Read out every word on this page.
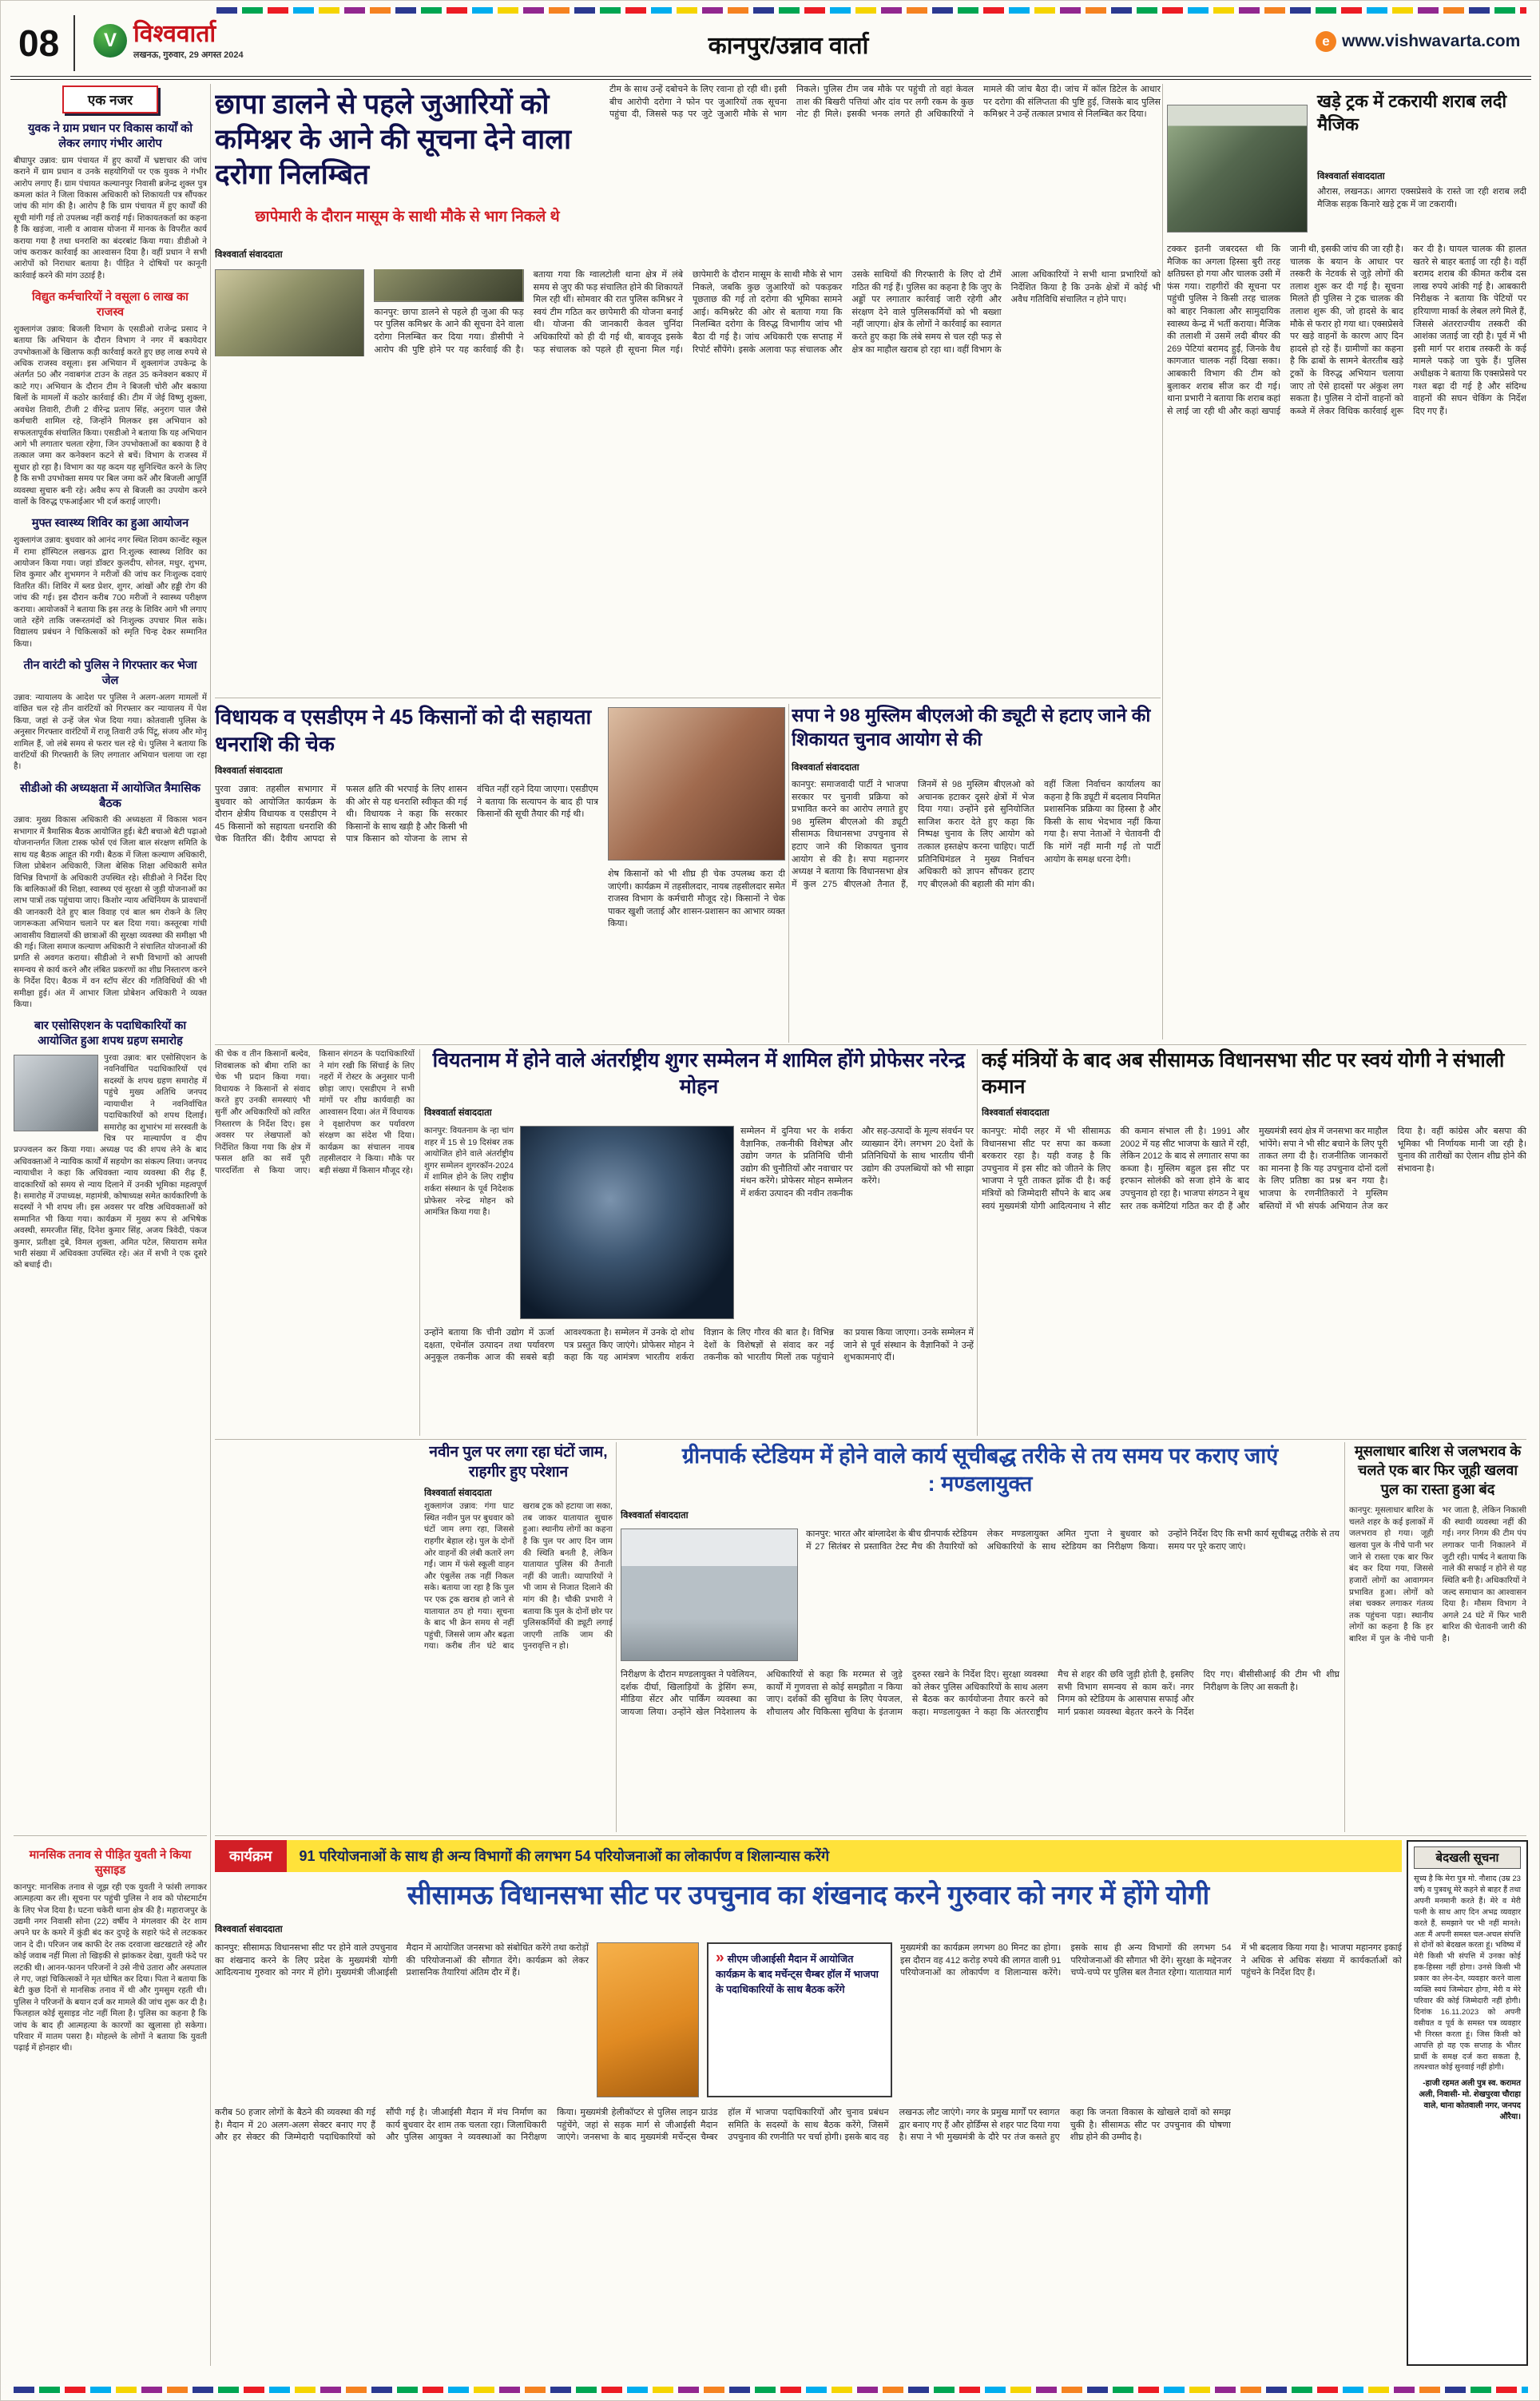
08	V विश्ववार्ता
लखनऊ, गुरुवार, 29 अगस्त 2024	कानपुर/उन्नाव वार्ता	e www.vishwavarta.com
एक नजर
युवक ने ग्राम प्रधान पर विकास कार्यों को लेकर लगाए गंभीर आरोप
बीघापुर उन्नाव: ग्राम पंचायत में हुए कार्यों में भ्रष्टाचार की जांच कराने में ग्राम प्रधान व उनके सहयोगियों पर एक युवक ने गंभीर आरोप लगाए हैं। ग्राम पंचायत कल्यानपुर निवासी ब्रजेन्द्र शुक्ल पुत्र कमला कांत ने जिला विकास अधिकारी को शिकायती पत्र सौंपकर जांच की मांग की है। आरोप है कि ग्राम पंचायत में हुए कार्यों की सूची मांगी गई तो उपलब्ध नहीं कराई गई। शिकायतकर्ता का कहना है कि खड़ंजा, नाली व आवास योजना में मानक के विपरीत कार्य कराया गया है तथा धनराशि का बंदरबांट किया गया। डीडीओ ने जांच कराकर कार्रवाई का आश्वासन दिया है। वहीं प्रधान ने सभी आरोपों को निराधार बताया है। पीड़ित ने दोषियों पर कानूनी कार्रवाई करने की मांग उठाई है।
विद्युत कर्मचारियों ने वसूला 6 लाख का राजस्व
शुक्लागंज उन्नाव: बिजली विभाग के एसडीओ राजेन्द्र प्रसाद ने बताया कि अभियान के दौरान विभाग ने नगर में बकायेदार उपभोक्ताओं के खिलाफ कड़ी कार्रवाई करते हुए छह लाख रुपये से अधिक राजस्व वसूला। इस अभियान में शुक्लागंज उपकेन्द्र के अंतर्गत 50 और नवाबगंज टाउन के तहत 35 कनेक्शन बकाए में काटे गए। अभियान के दौरान टीम ने बिजली चोरी और बकाया बिलों के मामलों में कठोर कार्रवाई की। टीम में जेई विष्णु शुक्ला, अवधेश तिवारी, टीजी 2 वीरेन्द्र प्रताप सिंह, अनुराग पाल जैसे कर्मचारी शामिल रहे, जिन्होंने मिलकर इस अभियान को सफलतापूर्वक संचालित किया। एसडीओ ने बताया कि यह अभियान आगे भी लगातार चलता रहेगा, जिन उपभोक्ताओं का बकाया है वे तत्काल जमा कर कनेक्शन कटने से बचें। विभाग के राजस्व में सुधार हो रहा है। विभाग का यह कदम यह सुनिश्चित करने के लिए है कि सभी उपभोक्ता समय पर बिल जमा करें और बिजली आपूर्ति व्यवस्था सुचारु बनी रहे। अवैध रूप से बिजली का उपयोग करने वालों के विरुद्ध एफआईआर भी दर्ज कराई जाएगी।
मुफ्त स्वास्थ्य शिविर का हुआ आयोजन
शुक्लागंज उन्नाव: बुधवार को आनंद नगर स्थित शिवम कान्वेंट स्कूल में रामा हॉस्पिटल लखनऊ द्वारा नि:शुल्क स्वास्थ्य शिविर का आयोजन किया गया। जहां डॉक्टर कुलदीप, सोनल, मधुर, शुभम, शिव कुमार और शुभमगन ने मरीजों की जांच कर निःशुल्क दवाएं वितरित कीं। शिविर में ब्लड प्रेशर, शुगर, आंखों और हड्डी रोग की जांच की गई। इस दौरान करीब 700 मरीजों ने स्वास्थ्य परीक्षण कराया। आयोजकों ने बताया कि इस तरह के शिविर आगे भी लगाए जाते रहेंगे ताकि जरूरतमंदों को निःशुल्क उपचार मिल सके। विद्यालय प्रबंधन ने चिकित्सकों को स्मृति चिन्ह देकर सम्मानित किया।
तीन वारंटी को पुलिस ने गिरफ्तार कर भेजा जेल
उन्नाव: न्यायालय के आदेश पर पुलिस ने अलग-अलग मामलों में वांछित चल रहे तीन वारंटियों को गिरफ्तार कर न्यायालय में पेश किया, जहां से उन्हें जेल भेज दिया गया। कोतवाली पुलिस के अनुसार गिरफ्तार वारंटियों में राजू तिवारी उर्फ पिंटू, संजय और मोनू शामिल हैं, जो लंबे समय से फरार चल रहे थे। पुलिस ने बताया कि वारंटियों की गिरफ्तारी के लिए लगातार अभियान चलाया जा रहा है।
सीडीओ की अध्यक्षता में आयोजित त्रैमासिक बैठक
उन्नाव: मुख्य विकास अधिकारी की अध्यक्षता में विकास भवन सभागार में त्रैमासिक बैठक आयोजित हुई। बेटी बचाओ बेटी पढ़ाओ योजनान्तर्गत जिला टास्क फोर्स एवं जिला बाल संरक्षण समिति के साथ यह बैठक आहूत की गयी। बैठक में जिला कल्याण अधिकारी, जिला प्रोबेशन अधिकारी, जिला बेसिक शिक्षा अधिकारी समेत विभिन्न विभागों के अधिकारी उपस्थित रहे। सीडीओ ने निर्देश दिए कि बालिकाओं की शिक्षा, स्वास्थ्य एवं सुरक्षा से जुड़ी योजनाओं का लाभ पात्रों तक पहुंचाया जाए। किशोर न्याय अधिनियम के प्रावधानों की जानकारी देते हुए बाल विवाह एवं बाल श्रम रोकने के लिए जागरूकता अभियान चलाने पर बल दिया गया। कस्तूरबा गांधी आवासीय विद्यालयों की छात्राओं की सुरक्षा व्यवस्था की समीक्षा भी की गई। जिला समाज कल्याण अधिकारी ने संचालित योजनाओं की प्रगति से अवगत कराया। सीडीओ ने सभी विभागों को आपसी समन्वय से कार्य करने और लंबित प्रकरणों का शीघ्र निस्तारण करने के निर्देश दिए। बैठक में वन स्टॉप सेंटर की गतिविधियों की भी समीक्षा हुई। अंत में आभार जिला प्रोबेशन अधिकारी ने व्यक्त किया।
बार एसोसिएशन के पदाधिकारियों का आयोजित हुआ शपथ ग्रहण समारोह
पुरवा उन्नाव: बार एसोसिएशन के नवनिर्वाचित पदाधिकारियों एवं सदस्यों के शपथ ग्रहण समारोह में पहुंचे मुख्य अतिथि जनपद न्यायाधीश ने नवनिर्वाचित पदाधिकारियों को शपथ दिलाई। समारोह का शुभारंभ मां सरस्वती के चित्र पर माल्यार्पण व दीप प्रज्ज्वलन कर किया गया। अध्यक्ष पद की शपथ लेने के बाद अधिवक्ताओं ने न्यायिक कार्यों में सहयोग का संकल्प लिया। जनपद न्यायाधीश ने कहा कि अधिवक्ता न्याय व्यवस्था की रीढ़ हैं, वादकारियों को समय से न्याय दिलाने में उनकी भूमिका महत्वपूर्ण है। समारोह में उपाध्यक्ष, महामंत्री, कोषाध्यक्ष समेत कार्यकारिणी के सदस्यों ने भी शपथ ली। इस अवसर पर वरिष्ठ अधिवक्ताओं को सम्मानित भी किया गया। कार्यक्रम में मुख्य रूप से अभिषेक अवस्थी, समरजीत सिंह, दिनेश कुमार सिंह, अजय त्रिवेदी, पंकज कुमार, प्रतीक्षा दुबे, विमल शुक्ला, अमित पटेल, सियाराम समेत भारी संख्या में अधिवक्ता उपस्थित रहे। अंत में सभी ने एक दूसरे को बधाई दी।
मानसिक तनाव से पीड़ित युवती ने किया सुसाइड
कानपुर: मानसिक तनाव से जूझ रही एक युवती ने फांसी लगाकर आत्महत्या कर ली। सूचना पर पहुंची पुलिस ने शव को पोस्टमार्टम के लिए भेज दिया है। घटना चकेरी थाना क्षेत्र की है। महाराजपुर के उद्यमी नगर निवासी सोना (22) वर्षीय ने मंगलवार की देर शाम अपने घर के कमरे में कुंडी बंद कर दुपट्टे के सहारे फंदे से लटककर जान दे दी। परिजन जब काफी देर तक दरवाजा खटखटाते रहे और कोई जवाब नहीं मिला तो खिड़की से झांककर देखा, युवती फंदे पर लटकी थी। आनन-फानन परिजनों ने उसे नीचे उतारा और अस्पताल ले गए, जहां चिकित्सकों ने मृत घोषित कर दिया। पिता ने बताया कि बेटी कुछ दिनों से मानसिक तनाव में थी और गुमसुम रहती थी। पुलिस ने परिजनों के बयान दर्ज कर मामले की जांच शुरू कर दी है। फिलहाल कोई सुसाइड नोट नहीं मिला है। पुलिस का कहना है कि जांच के बाद ही आत्महत्या के कारणों का खुलासा हो सकेगा। परिवार में मातम पसरा है। मोहल्ले के लोगों ने बताया कि युवती पढ़ाई में होनहार थी।
छापा डालने से पहले जुआरियों को कमिश्नर के आने की सूचना देने वाला दरोगा निलम्बित
छापेमारी के दौरान मासूम के साथी मौके से भाग निकले थे
विश्ववार्ता संवाददाता
टीम के साथ उन्हें दबोचने के लिए रवाना हो रही थी। इसी बीच आरोपी दरोगा ने फोन पर जुआरियों तक सूचना पहुंचा दी, जिससे फड़ पर जुटे जुआरी मौके से भाग निकले। पुलिस टीम जब मौके पर पहुंची तो वहां केवल ताश की बिखरी पत्तियां और दांव पर लगी रकम के कुछ नोट ही मिले। इसकी भनक लगते ही अधिकारियों ने मामले की जांच बैठा दी। जांच में कॉल डिटेल के आधार पर दरोगा की संलिप्तता की पुष्टि हुई, जिसके बाद पुलिस कमिश्नर ने उन्हें तत्काल प्रभाव से निलम्बित कर दिया।
कानपुर: छापा डालने से पहले ही जुआ की फड़ पर पुलिस कमिश्नर के आने की सूचना देने वाला दरोगा निलम्बित कर दिया गया। डीसीपी ने आरोप की पुष्टि होने पर यह कार्रवाई की है। बताया गया कि ग्वालटोली थाना क्षेत्र में लंबे समय से जुए की फड़ संचालित होने की शिकायतें मिल रही थीं। सोमवार की रात पुलिस कमिश्नर ने स्वयं टीम गठित कर छापेमारी की योजना बनाई थी। योजना की जानकारी केवल चुनिंदा अधिकारियों को ही दी गई थी, बावजूद इसके फड़ संचालक को पहले ही सूचना मिल गई। छापेमारी के दौरान मासूम के साथी मौके से भाग निकले, जबकि कुछ जुआरियों को पकड़कर पूछताछ की गई तो दरोगा की भूमिका सामने आई। कमिश्नरेट की ओर से बताया गया कि निलम्बित दरोगा के विरुद्ध विभागीय जांच भी बैठा दी गई है। जांच अधिकारी एक सप्ताह में रिपोर्ट सौंपेंगे। इसके अलावा फड़ संचालक और उसके साथियों की गिरफ्तारी के लिए दो टीमें गठित की गई हैं। पुलिस का कहना है कि जुए के अड्डों पर लगातार कार्रवाई जारी रहेगी और संरक्षण देने वाले पुलिसकर्मियों को भी बख्शा नहीं जाएगा। क्षेत्र के लोगों ने कार्रवाई का स्वागत करते हुए कहा कि लंबे समय से चल रही फड़ से क्षेत्र का माहौल खराब हो रहा था। वहीं विभाग के आला अधिकारियों ने सभी थाना प्रभारियों को निर्देशित किया है कि उनके क्षेत्रों में कोई भी अवैध गतिविधि संचालित न होने पाए।
खड़े ट्रक में टकरायी शराब लदी मैजिक
विश्ववार्ता संवाददाता
औरास, लखनऊ। आगरा एक्सप्रेसवे के रास्ते जा रही शराब लदी मैजिक सड़क किनारे खड़े ट्रक में जा टकरायी।
टक्कर इतनी जबरदस्त थी कि मैजिक का अगला हिस्सा बुरी तरह क्षतिग्रस्त हो गया और चालक उसी में फंस गया। राहगीरों की सूचना पर पहुंची पुलिस ने किसी तरह चालक को बाहर निकाला और सामुदायिक स्वास्थ्य केन्द्र में भर्ती कराया। मैजिक की तलाशी में उसमें लदी बीयर की 269 पेटियां बरामद हुईं, जिनके वैध कागजात चालक नहीं दिखा सका। आबकारी विभाग की टीम को बुलाकर शराब सीज कर दी गई। थाना प्रभारी ने बताया कि शराब कहां से लाई जा रही थी और कहां खपाई जानी थी, इसकी जांच की जा रही है। चालक के बयान के आधार पर तस्करी के नेटवर्क से जुड़े लोगों की तलाश शुरू कर दी गई है। सूचना मिलते ही पुलिस ने ट्रक चालक की तलाश शुरू की, जो हादसे के बाद मौके से फरार हो गया था। एक्सप्रेसवे पर खड़े वाहनों के कारण आए दिन हादसे हो रहे हैं। ग्रामीणों का कहना है कि ढाबों के सामने बेतरतीब खड़े ट्रकों के विरुद्ध अभियान चलाया जाए तो ऐसे हादसों पर अंकुश लग सकता है। पुलिस ने दोनों वाहनों को कब्जे में लेकर विधिक कार्रवाई शुरू कर दी है। घायल चालक की हालत खतरे से बाहर बताई जा रही है। वहीं बरामद शराब की कीमत करीब दस लाख रुपये आंकी गई है। आबकारी निरीक्षक ने बताया कि पेटियों पर हरियाणा मार्का के लेबल लगे मिले हैं, जिससे अंतरराज्यीय तस्करी की आशंका जताई जा रही है। पूर्व में भी इसी मार्ग पर शराब तस्करी के कई मामले पकड़े जा चुके हैं। पुलिस अधीक्षक ने बताया कि एक्सप्रेसवे पर गश्त बढ़ा दी गई है और संदिग्ध वाहनों की सघन चेकिंग के निर्देश दिए गए हैं।
विधायक व एसडीएम ने 45 किसानों को दी सहायता धनराशि की चेक
विश्ववार्ता संवाददाता
पुरवा उन्नाव: तहसील सभागार में बुधवार को आयोजित कार्यक्रम के दौरान क्षेत्रीय विधायक व एसडीएम ने 45 किसानों को सहायता धनराशि की चेक वितरित कीं। दैवीय आपदा से फसल क्षति की भरपाई के लिए शासन की ओर से यह धनराशि स्वीकृत की गई थी। विधायक ने कहा कि सरकार किसानों के साथ खड़ी है और किसी भी पात्र किसान को योजना के लाभ से वंचित नहीं रहने दिया जाएगा। एसडीएम ने बताया कि सत्यापन के बाद ही पात्र किसानों की सूची तैयार की गई थी।
शेष किसानों को भी शीघ्र ही चेक उपलब्ध करा दी जाएंगी। कार्यक्रम में तहसीलदार, नायब तहसीलदार समेत राजस्व विभाग के कर्मचारी मौजूद रहे। किसानों ने चेक पाकर खुशी जताई और शासन-प्रशासन का आभार व्यक्त किया।
सपा ने 98 मुस्लिम बीएलओ की ड्यूटी से हटाए जाने की शिकायत चुनाव आयोग से की
विश्ववार्ता संवाददाता
कानपुर: समाजवादी पार्टी ने भाजपा सरकार पर चुनावी प्रक्रिया को प्रभावित करने का आरोप लगाते हुए 98 मुस्लिम बीएलओ की ड्यूटी सीसामऊ विधानसभा उपचुनाव से हटाए जाने की शिकायत चुनाव आयोग से की है। सपा महानगर अध्यक्ष ने बताया कि विधानसभा क्षेत्र में कुल 275 बीएलओ तैनात हैं, जिनमें से 98 मुस्लिम बीएलओ को अचानक हटाकर दूसरे क्षेत्रों में भेज दिया गया। उन्होंने इसे सुनियोजित साजिश करार देते हुए कहा कि निष्पक्ष चुनाव के लिए आयोग को तत्काल हस्तक्षेप करना चाहिए। पार्टी प्रतिनिधिमंडल ने मुख्य निर्वाचन अधिकारी को ज्ञापन सौंपकर हटाए गए बीएलओ की बहाली की मांग की। वहीं जिला निर्वाचन कार्यालय का कहना है कि ड्यूटी में बदलाव नियमित प्रशासनिक प्रक्रिया का हिस्सा है और किसी के साथ भेदभाव नहीं किया गया है। सपा नेताओं ने चेतावनी दी कि मांगें नहीं मानी गईं तो पार्टी आयोग के समक्ष धरना देगी।
की चेक व तीन किसानों बल्देव, शिवबालक को बीमा राशि का चेक भी प्रदान किया गया। विधायक ने किसानों से संवाद करते हुए उनकी समस्याएं भी सुनीं और अधिकारियों को त्वरित निस्तारण के निर्देश दिए। इस अवसर पर लेखपालों को निर्देशित किया गया कि क्षेत्र में फसल क्षति का सर्वे पूरी पारदर्शिता से किया जाए। किसान संगठन के पदाधिकारियों ने मांग रखी कि सिंचाई के लिए नहरों में रोस्टर के अनुसार पानी छोड़ा जाए। एसडीएम ने सभी मांगों पर शीघ्र कार्यवाही का आश्वासन दिया। अंत में विधायक ने वृक्षारोपण कर पर्यावरण संरक्षण का संदेश भी दिया। कार्यक्रम का संचालन नायब तहसीलदार ने किया। मौके पर बड़ी संख्या में किसान मौजूद रहे।
वियतनाम में होने वाले अंतर्राष्ट्रीय शुगर सम्मेलन में शामिल होंगे प्रोफेसर नरेन्द्र मोहन
विश्ववार्ता संवाददाता
कानपुर: वियतनाम के न्हा चांग शहर में 15 से 19 दिसंबर तक आयोजित होने वाले अंतर्राष्ट्रीय शुगर सम्मेलन शुगरकॉन-2024 में शामिल होने के लिए राष्ट्रीय शर्करा संस्थान के पूर्व निदेशक प्रोफेसर नरेन्द्र मोहन को आमंत्रित किया गया है।
सम्मेलन में दुनिया भर के शर्करा वैज्ञानिक, तकनीकी विशेषज्ञ और उद्योग जगत के प्रतिनिधि चीनी उद्योग की चुनौतियों और नवाचार पर मंथन करेंगे। प्रोफेसर मोहन सम्मेलन में शर्करा उत्पादन की नवीन तकनीक और सह-उत्पादों के मूल्य संवर्धन पर व्याख्यान देंगे। लगभग 20 देशों के प्रतिनिधियों के साथ भारतीय चीनी उद्योग की उपलब्धियों को भी साझा करेंगे।
उन्होंने बताया कि चीनी उद्योग में ऊर्जा दक्षता, एथेनॉल उत्पादन तथा पर्यावरण अनुकूल तकनीक आज की सबसे बड़ी आवश्यकता है। सम्मेलन में उनके दो शोध पत्र प्रस्तुत किए जाएंगे। प्रोफेसर मोहन ने कहा कि यह आमंत्रण भारतीय शर्करा विज्ञान के लिए गौरव की बात है। विभिन्न देशों के विशेषज्ञों से संवाद कर नई तकनीक को भारतीय मिलों तक पहुंचाने का प्रयास किया जाएगा। उनके सम्मेलन में जाने से पूर्व संस्थान के वैज्ञानिकों ने उन्हें शुभकामनाएं दीं।
कई मंत्रियों के बाद अब सीसामऊ विधानसभा सीट पर स्वयं योगी ने संभाली कमान
विश्ववार्ता संवाददाता
कानपुर: मोदी लहर में भी सीसामऊ विधानसभा सीट पर सपा का कब्जा बरकरार रहा है। यही वजह है कि उपचुनाव में इस सीट को जीतने के लिए भाजपा ने पूरी ताकत झोंक दी है। कई मंत्रियों को जिम्मेदारी सौंपने के बाद अब स्वयं मुख्यमंत्री योगी आदित्यनाथ ने सीट की कमान संभाल ली है। 1991 और 2002 में यह सीट भाजपा के खाते में रही, लेकिन 2012 के बाद से लगातार सपा का कब्जा है। मुस्लिम बहुल इस सीट पर इरफान सोलंकी को सजा होने के बाद उपचुनाव हो रहा है। भाजपा संगठन ने बूथ स्तर तक कमेटियां गठित कर दी हैं और मुख्यमंत्री स्वयं क्षेत्र में जनसभा कर माहौल भांपेंगे। सपा ने भी सीट बचाने के लिए पूरी ताकत लगा दी है। राजनीतिक जानकारों का मानना है कि यह उपचुनाव दोनों दलों के लिए प्रतिष्ठा का प्रश्न बन गया है। भाजपा के रणनीतिकारों ने मुस्लिम बस्तियों में भी संपर्क अभियान तेज कर दिया है। वहीं कांग्रेस और बसपा की भूमिका भी निर्णायक मानी जा रही है। चुनाव की तारीखों का ऐलान शीघ्र होने की संभावना है।
नवीन पुल पर लगा रहा घंटों जाम, राहगीर हुए परेशान
विश्ववार्ता संवाददाता
शुक्लागंज उन्नाव: गंगा घाट स्थित नवीन पुल पर बुधवार को घंटों जाम लगा रहा, जिससे राहगीर बेहाल रहे। पुल के दोनों ओर वाहनों की लंबी कतारें लग गईं। जाम में फंसे स्कूली वाहन और एंबुलेंस तक नहीं निकल सके। बताया जा रहा है कि पुल पर एक ट्रक खराब हो जाने से यातायात ठप हो गया। सूचना के बाद भी क्रेन समय से नहीं पहुंची, जिससे जाम और बढ़ता गया। करीब तीन घंटे बाद खराब ट्रक को हटाया जा सका, तब जाकर यातायात सुचारु हुआ। स्थानीय लोगों का कहना है कि पुल पर आए दिन जाम की स्थिति बनती है, लेकिन यातायात पुलिस की तैनाती नहीं की जाती। व्यापारियों ने भी जाम से निजात दिलाने की मांग की है। चौकी प्रभारी ने बताया कि पुल के दोनों छोर पर पुलिसकर्मियों की ड्यूटी लगाई जाएगी ताकि जाम की पुनरावृत्ति न हो।
ग्रीनपार्क स्टेडियम में होने वाले कार्य सूचीबद्ध तरीके से तय समय पर कराए जाएं : मण्डलायुक्त
विश्ववार्ता संवाददाता
कानपुर: भारत और बांग्लादेश के बीच ग्रीनपार्क स्टेडियम में 27 सितंबर से प्रस्तावित टेस्ट मैच की तैयारियों को लेकर मण्डलायुक्त अमित गुप्ता ने बुधवार को अधिकारियों के साथ स्टेडियम का निरीक्षण किया। उन्होंने निर्देश दिए कि सभी कार्य सूचीबद्ध तरीके से तय समय पर पूरे कराए जाएं।
निरीक्षण के दौरान मण्डलायुक्त ने पवेलियन, दर्शक दीर्घा, खिलाड़ियों के ड्रेसिंग रूम, मीडिया सेंटर और पार्किंग व्यवस्था का जायजा लिया। उन्होंने खेल निदेशालय के अधिकारियों से कहा कि मरम्मत से जुड़े कार्यों में गुणवत्ता से कोई समझौता न किया जाए। दर्शकों की सुविधा के लिए पेयजल, शौचालय और चिकित्सा सुविधा के इंतजाम दुरुस्त रखने के निर्देश दिए। सुरक्षा व्यवस्था को लेकर पुलिस अधिकारियों के साथ अलग से बैठक कर कार्ययोजना तैयार करने को कहा। मण्डलायुक्त ने कहा कि अंतरराष्ट्रीय मैच से शहर की छवि जुड़ी होती है, इसलिए सभी विभाग समन्वय से काम करें। नगर निगम को स्टेडियम के आसपास सफाई और मार्ग प्रकाश व्यवस्था बेहतर करने के निर्देश दिए गए। बीसीसीआई की टीम भी शीघ्र निरीक्षण के लिए आ सकती है।
मूसलाधार बारिश से जलभराव के चलते एक बार फिर जूही खलवा पुल का रास्ता हुआ बंद
कानपुर: मूसलाधार बारिश के चलते शहर के कई इलाकों में जलभराव हो गया। जूही खलवा पुल के नीचे पानी भर जाने से रास्ता एक बार फिर बंद कर दिया गया, जिससे हजारों लोगों का आवागमन प्रभावित हुआ। लोगों को लंबा चक्कर लगाकर गंतव्य तक पहुंचना पड़ा। स्थानीय लोगों का कहना है कि हर बारिश में पुल के नीचे पानी भर जाता है, लेकिन निकासी की स्थायी व्यवस्था नहीं की गई। नगर निगम की टीम पंप लगाकर पानी निकालने में जुटी रही। पार्षद ने बताया कि नाले की सफाई न होने से यह स्थिति बनी है। अधिकारियों ने जल्द समाधान का आश्वासन दिया है। मौसम विभाग ने अगले 24 घंटे में फिर भारी बारिश की चेतावनी जारी की है।
कार्यक्रम	91 परियोजनाओं के साथ ही अन्य विभागों की लगभग 54 परियोजनाओं का लोकार्पण व शिलान्यास करेंगे
सीसामऊ विधानसभा सीट पर उपचुनाव का शंखनाद करने गुरुवार को नगर में होंगे योगी
विश्ववार्ता संवाददाता
कानपुर: सीसामऊ विधानसभा सीट पर होने वाले उपचुनाव का शंखनाद करने के लिए प्रदेश के मुख्यमंत्री योगी आदित्यनाथ गुरुवार को नगर में होंगे। मुख्यमंत्री जीआईसी मैदान में आयोजित जनसभा को संबोधित करेंगे तथा करोड़ों की परियोजनाओं की सौगात देंगे। कार्यक्रम को लेकर प्रशासनिक तैयारियां अंतिम दौर में हैं।
» सीएम जीआईसी मैदान में आयोजित कार्यक्रम के बाद मर्चेन्ट्स चैम्बर हॉल में भाजपा के पदाधिकारियों के साथ बैठक करेंगे
मुख्यमंत्री का कार्यक्रम लगभग 80 मिनट का होगा। इस दौरान वह 412 करोड़ रुपये की लागत वाली 91 परियोजनाओं का लोकार्पण व शिलान्यास करेंगे। इसके साथ ही अन्य विभागों की लगभग 54 परियोजनाओं की सौगात भी देंगे। सुरक्षा के मद्देनजर चप्पे-चप्पे पर पुलिस बल तैनात रहेगा। यातायात मार्ग में भी बदलाव किया गया है। भाजपा महानगर इकाई ने अधिक से अधिक संख्या में कार्यकर्ताओं को पहुंचने के निर्देश दिए हैं।
करीब 50 हजार लोगों के बैठने की व्यवस्था की गई है। मैदान में 20 अलग-अलग सेक्टर बनाए गए हैं और हर सेक्टर की जिम्मेदारी पदाधिकारियों को सौंपी गई है। जीआईसी मैदान में मंच निर्माण का कार्य बुधवार देर शाम तक चलता रहा। जिलाधिकारी और पुलिस आयुक्त ने व्यवस्थाओं का निरीक्षण किया। मुख्यमंत्री हेलीकॉप्टर से पुलिस लाइन ग्राउंड पहुंचेंगे, जहां से सड़क मार्ग से जीआईसी मैदान जाएंगे। जनसभा के बाद मुख्यमंत्री मर्चेन्ट्स चैम्बर हॉल में भाजपा पदाधिकारियों और चुनाव प्रबंधन समिति के सदस्यों के साथ बैठक करेंगे, जिसमें उपचुनाव की रणनीति पर चर्चा होगी। इसके बाद वह लखनऊ लौट जाएंगे। नगर के प्रमुख मार्गों पर स्वागत द्वार बनाए गए हैं और होर्डिंग्स से शहर पाट दिया गया है। सपा ने भी मुख्यमंत्री के दौरे पर तंज कसते हुए कहा कि जनता विकास के खोखले दावों को समझ चुकी है। सीसामऊ सीट पर उपचुनाव की घोषणा शीघ्र होने की उम्मीद है।
बेदखली सूचना
सूच्य है कि मेरा पुत्र मो. नौशाद (उम्र 23 वर्ष) व पुत्रवधू मेरे कहने से बाहर हैं तथा अपनी मनमानी करते हैं। मेरे व मेरी पत्नी के साथ आए दिन अभद्र व्यवहार करते हैं, समझाने पर भी नहीं मानते। अतः मैं अपनी समस्त चल-अचल संपत्ति से दोनों को बेदखल करता हूं। भविष्य में मेरी किसी भी संपत्ति में उनका कोई हक-हिस्सा नहीं होगा। उनसे किसी भी प्रकार का लेन-देन, व्यवहार करने वाला व्यक्ति स्वयं जिम्मेदार होगा, मेरी व मेरे परिवार की कोई जिम्मेदारी नहीं होगी। दिनांक 16.11.2023 को अपनी वसीयत व पूर्व के समस्त पत्र व्यवहार भी निरस्त करता हूं। जिस किसी को आपत्ति हो वह एक सप्ताह के भीतर प्रार्थी के समक्ष दर्ज करा सकता है, तत्पश्चात कोई सुनवाई नहीं होगी।
-हाजी रहमत अली पुत्र स्व. करामत अली, निवासी- मो. शेखपुरवा चौराहा वाले, थाना कोतवाली नगर, जनपद औरैया।
